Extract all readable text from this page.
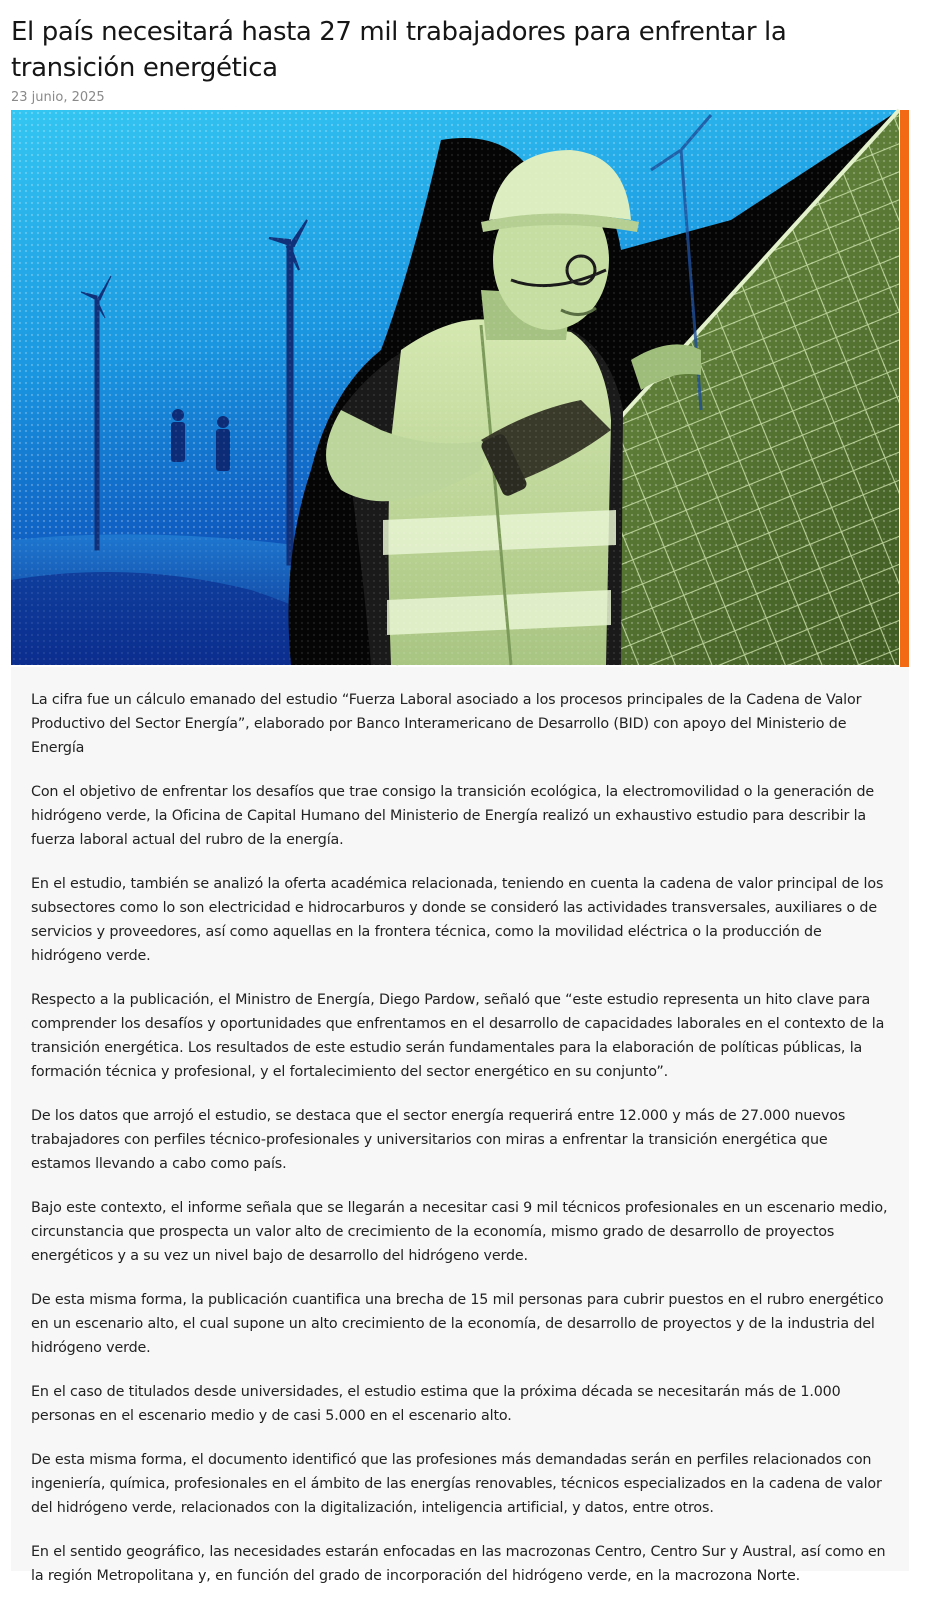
El país necesitará hasta 27 mil trabajadores para enfrentar la transición energética
23 junio, 2025

La cifra fue un cálculo emanado del estudio “Fuerza Laboral asociado a los procesos principales de la Cadena de Valor Productivo del Sector Energía”, elaborado por Banco Interamericano de Desarrollo (BID) con apoyo del Ministerio de Energía

Con el objetivo de enfrentar los desafíos que trae consigo la transición ecológica, la electromovilidad o la generación de hidrógeno verde, la Oficina de Capital Humano del Ministerio de Energía realizó un exhaustivo estudio para describir la fuerza laboral actual del rubro de la energía.

En el estudio, también se analizó la oferta académica relacionada, teniendo en cuenta la cadena de valor principal de los subsectores como lo son electricidad e hidrocarburos y donde se consideró las actividades transversales, auxiliares o de servicios y proveedores, así como aquellas en la frontera técnica, como la movilidad eléctrica o la producción de hidrógeno verde.

Respecto a la publicación, el Ministro de Energía, Diego Pardow, señaló que “este estudio representa un hito clave para comprender los desafíos y oportunidades que enfrentamos en el desarrollo de capacidades laborales en el contexto de la transición energética. Los resultados de este estudio serán fundamentales para la elaboración de políticas públicas, la formación técnica y profesional, y el fortalecimiento del sector energético en su conjunto”.

De los datos que arrojó el estudio, se destaca que el sector energía requerirá entre 12.000 y más de 27.000 nuevos trabajadores con perfiles técnico-profesionales y universitarios con miras a enfrentar la transición energética que estamos llevando a cabo como país.

Bajo este contexto, el informe señala que se llegarán a necesitar casi 9 mil técnicos profesionales en un escenario medio, circunstancia que prospecta un valor alto de crecimiento de la economía, mismo grado de desarrollo de proyectos energéticos y a su vez un nivel bajo de desarrollo del hidrógeno verde.

De esta misma forma, la publicación cuantifica una brecha de 15 mil personas para cubrir puestos en el rubro energético en un escenario alto, el cual supone un alto crecimiento de la economía, de desarrollo de proyectos y de la industria del hidrógeno verde.

En el caso de titulados desde universidades, el estudio estima que la próxima década se necesitarán más de 1.000 personas en el escenario medio y de casi 5.000 en el escenario alto.

De esta misma forma, el documento identificó que las profesiones más demandadas serán en perfiles relacionados con ingeniería, química, profesionales en el ámbito de las energías renovables, técnicos especializados en la cadena de valor del hidrógeno verde, relacionados con la digitalización, inteligencia artificial, y datos, entre otros.

En el sentido geográfico, las necesidades estarán enfocadas en las macrozonas Centro, Centro Sur y Austral, así como en la región Metropolitana y, en función del grado de incorporación del hidrógeno verde, en la macrozona Norte.
